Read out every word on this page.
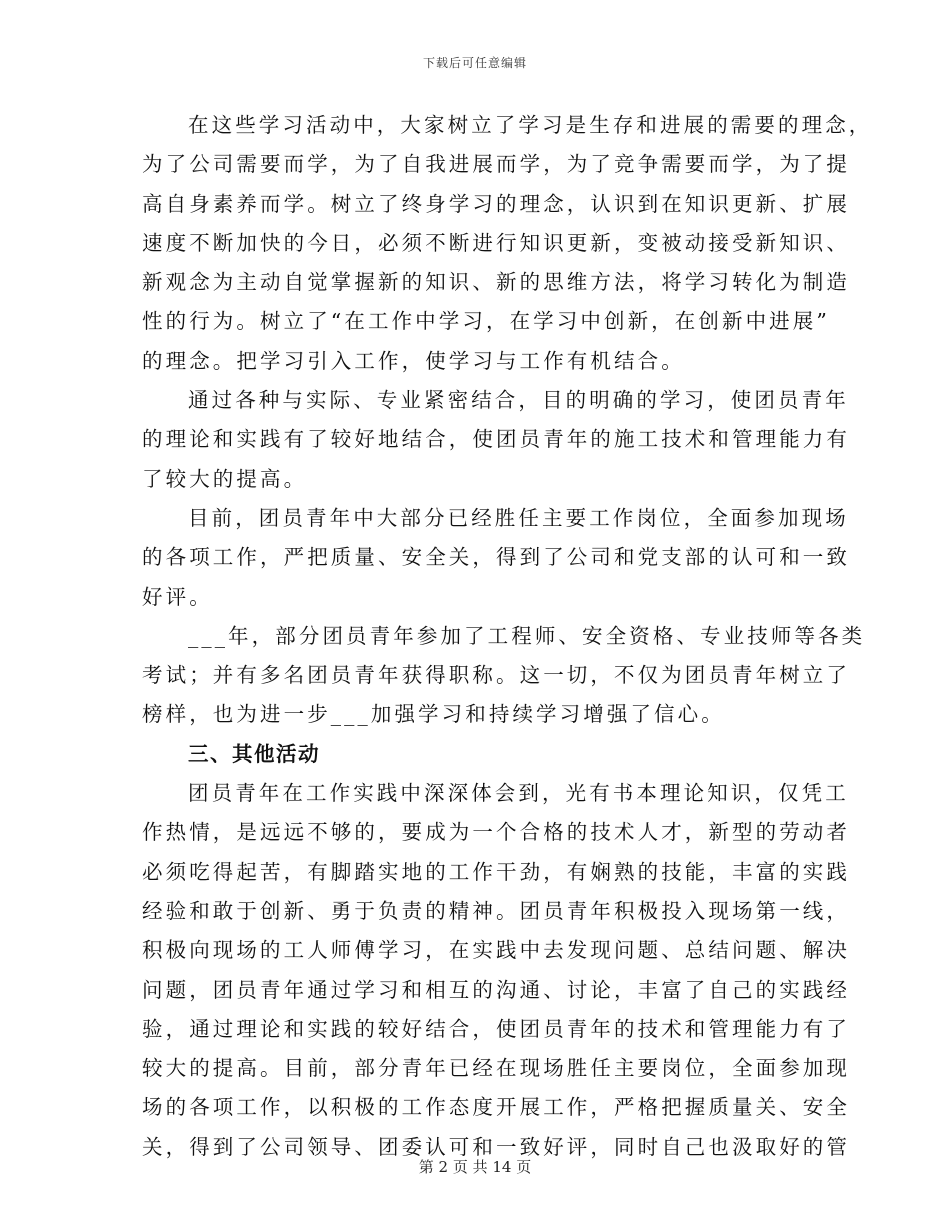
下载后可任意编辑
在这些学习活动中，大家树立了学习是生存和进展的需要的理念，
为了公司需要而学，为了自我进展而学，为了竞争需要而学，为了提
高自身素养而学。树立了终身学习的理念，认识到在知识更新、扩展
速度不断加快的今日，必须不断进行知识更新，变被动接受新知识、
新观念为主动自觉掌握新的知识、新的思维方法，将学习转化为制造
性的行为。树立了“在工作中学习，在学习中创新，在创新中进展”
的理念。把学习引入工作，使学习与工作有机结合。
通过各种与实际、专业紧密结合，目的明确的学习，使团员青年
的理论和实践有了较好地结合，使团员青年的施工技术和管理能力有
了较大的提高。
目前，团员青年中大部分已经胜任主要工作岗位，全面参加现场
的各项工作，严把质量、安全关，得到了公司和党支部的认可和一致
好评。
___年，部分团员青年参加了工程师、安全资格、专业技师等各类
考试；并有多名团员青年获得职称。这一切，不仅为团员青年树立了
榜样，也为进一步___加强学习和持续学习增强了信心。
三、其他活动
团员青年在工作实践中深深体会到，光有书本理论知识，仅凭工
作热情，是远远不够的，要成为一个合格的技术人才，新型的劳动者
必须吃得起苦，有脚踏实地的工作干劲，有娴熟的技能，丰富的实践
经验和敢于创新、勇于负责的精神。团员青年积极投入现场第一线，
积极向现场的工人师傅学习，在实践中去发现问题、总结问题、解决
问题，团员青年通过学习和相互的沟通、讨论，丰富了自己的实践经
验，通过理论和实践的较好结合，使团员青年的技术和管理能力有了
较大的提高。目前，部分青年已经在现场胜任主要岗位，全面参加现
场的各项工作，以积极的工作态度开展工作，严格把握质量关、安全
关，得到了公司领导、团委认可和一致好评，同时自己也汲取好的管
第 2 页 共 14 页
